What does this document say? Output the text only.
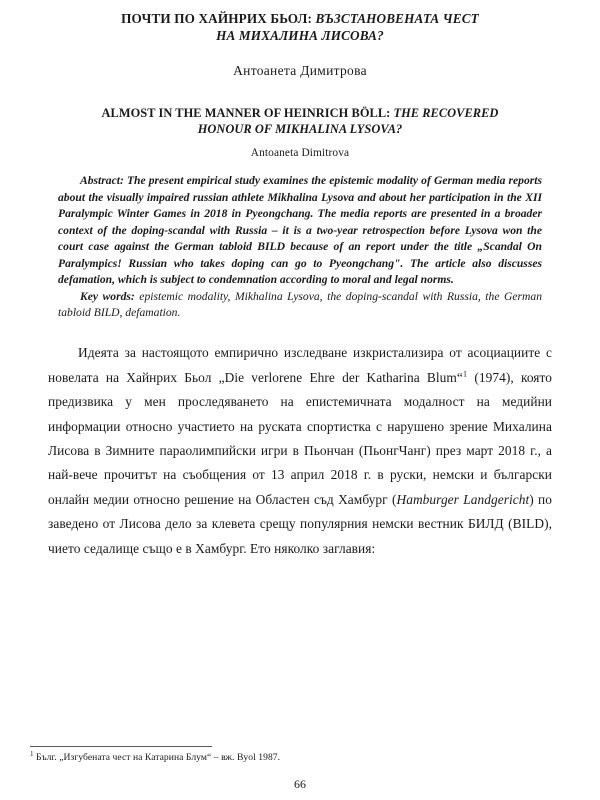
ПОЧТИ ПО ХАЙНРИХ БЬОЛ: ВЪЗСТАНОВЕНАТА ЧЕСТ
НА МИХАЛИНА ЛИСОВА?
Антоанета Димитрова
ALMOST IN THE MANNER OF HEINRICH BÖLL: THE RECOVERED
HONOUR OF MIKHALINA LYSOVA?
Antoaneta Dimitrova

Abstract: The present empirical study examines the epistemic modality of German media reports about the visually impaired russian athlete Mikhalina Lysova and about her participation in the XII Paralympic Winter Games in 2018 in Pyeongchang. The media reports are presented in a broader context of the doping-scandal with Russia – it is a two-year retrospection before Lysova won the court case against the German tabloid BILD because of an report under the title „Scandal On Paralympics! Russian who takes doping can go to Pyeongchang". The article also discusses defamation, which is subject to condemnation according to moral and legal norms.

Key words: epistemic modality, Mikhalina Lysova, the doping-scandal with Russia, the German tabloid BILD, defamation.

Идеята за настоящото емпирично изследване изкристализира от асоциациите с новелата на Хайнрих Бьол „Die verlorene Ehre der Katharina Blum“$^1$ (1974), която предизвика у мен проследяването на епистемичната модалност на медийни информации относно участието на руската спортистка с нарушено зрение Михалина Лисова в Зимните параолимпийски игри в Пьончан (ПьонгЧанг) през март 2018 г., а най-вече прочитът на съобщения от 13 април 2018 г. в руски, немски и български онлайн медии относно решение на Областен съд Хамбург (Hamburger Landgericht) по заведено от Лисова дело за клевета срещу популярния немски вестник БИЛД (BILD), чието седалище също е в Хамбург. Ето няколко заглавия:

$^1$ Бълг. „Изгубената чест на Катарина Блум“ – вж. Byol 1987.
66
